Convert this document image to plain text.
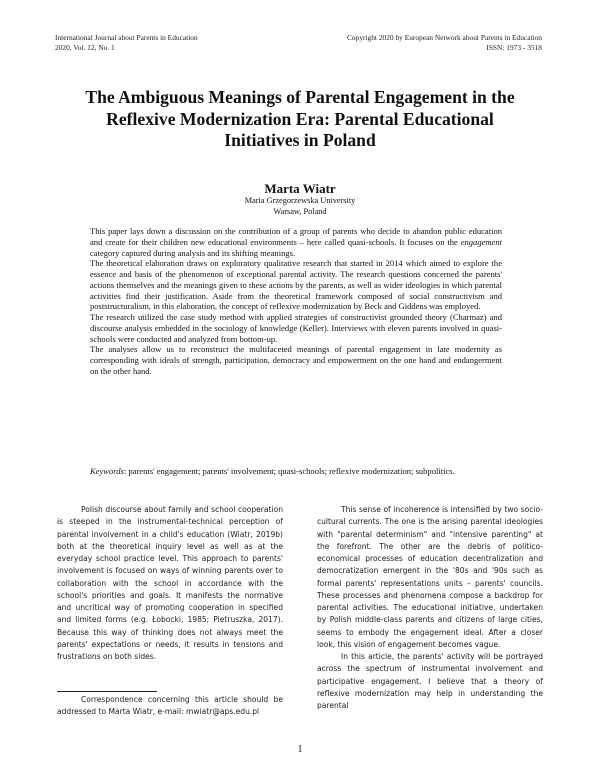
International Journal about Parents in Education
2020, Vol. 12, No. 1
Copyright 2020 by European Network about Parents in Education
ISSN: 1973 - 3518
The Ambiguous Meanings of Parental Engagement in the Reflexive Modernization Era: Parental Educational Initiatives in Poland
Marta Wiatr
Maria Grzegorzewska University
Warsaw, Poland

This paper lays down a discussion on the contribution of a group of parents who decide to abandon public education and create for their children new educational environments – here called quasi-schools. It focuses on the engagement category captured during analysis and its shifting meanings.

The theoretical elaboration draws on exploratory qualitative research that started in 2014 which aimed to explore the essence and basis of the phenomenon of exceptional parental activity. The research questions concerned the parents' actions themselves and the meanings given to these actions by the parents, as well as wider ideologies in which parental activities find their justification. Aside from the theoretical framework composed of social constructivism and poststructuralism, in this elaboration, the concept of reflexive modernization by Beck and Giddens was employed.

The research utilized the case study method with applied strategies of constructivist grounded theory (Charmaz) and discourse analysis embedded in the sociology of knowledge (Keller). Interviews with eleven parents involved in quasi-schools were conducted and analyzed from bottom-up.

The analyses allow us to reconstruct the multifaceted meanings of parental engagement in late modernity as corresponding with ideals of strength, participation, democracy and empowerment on the one hand and endangerment on the other hand.

Keywords: parents' engagement; parents' involvement; quasi-schools; reflexive modernization; subpolitics.

Polish discourse about family and school cooperation is steeped in the instrumental-technical perception of parental involvement in a child's education (Wiatr, 2019b) both at the theoretical inquiry level as well as at the everyday school practice level. This approach to parents' involvement is focused on ways of winning parents over to collaboration with the school in accordance with the school's priorities and goals. It manifests the normative and uncritical way of promoting cooperation in specified and limited forms (e.g. Łobocki, 1985; Pietruszka, 2017). Because this way of thinking does not always meet the parents' expectations or needs, it results in tensions and frustrations on both sides.

This sense of incoherence is intensified by two socio-cultural currents. The one is the arising parental ideologies with "parental determinism" and "intensive parenting" at the forefront. The other are the debris of politico-economical processes of education decentralization and democratization emergent in the '80s and '90s such as formal parents' representations units – parents' councils. These processes and phenomena compose a backdrop for parental activities. The educational initiative, undertaken by Polish middle-class parents and citizens of large cities, seems to embody the engagement ideal. After a closer look, this vision of engagement becomes vague.

In this article, the parents' activity will be portrayed across the spectrum of instrumental involvement and participative engagement. I believe that a theory of reflexive modernization may help in understanding the parental

Correspondence concerning this article should be addressed to Marta Wiatr, e-mail: mwiatr@aps.edu.pl

1
